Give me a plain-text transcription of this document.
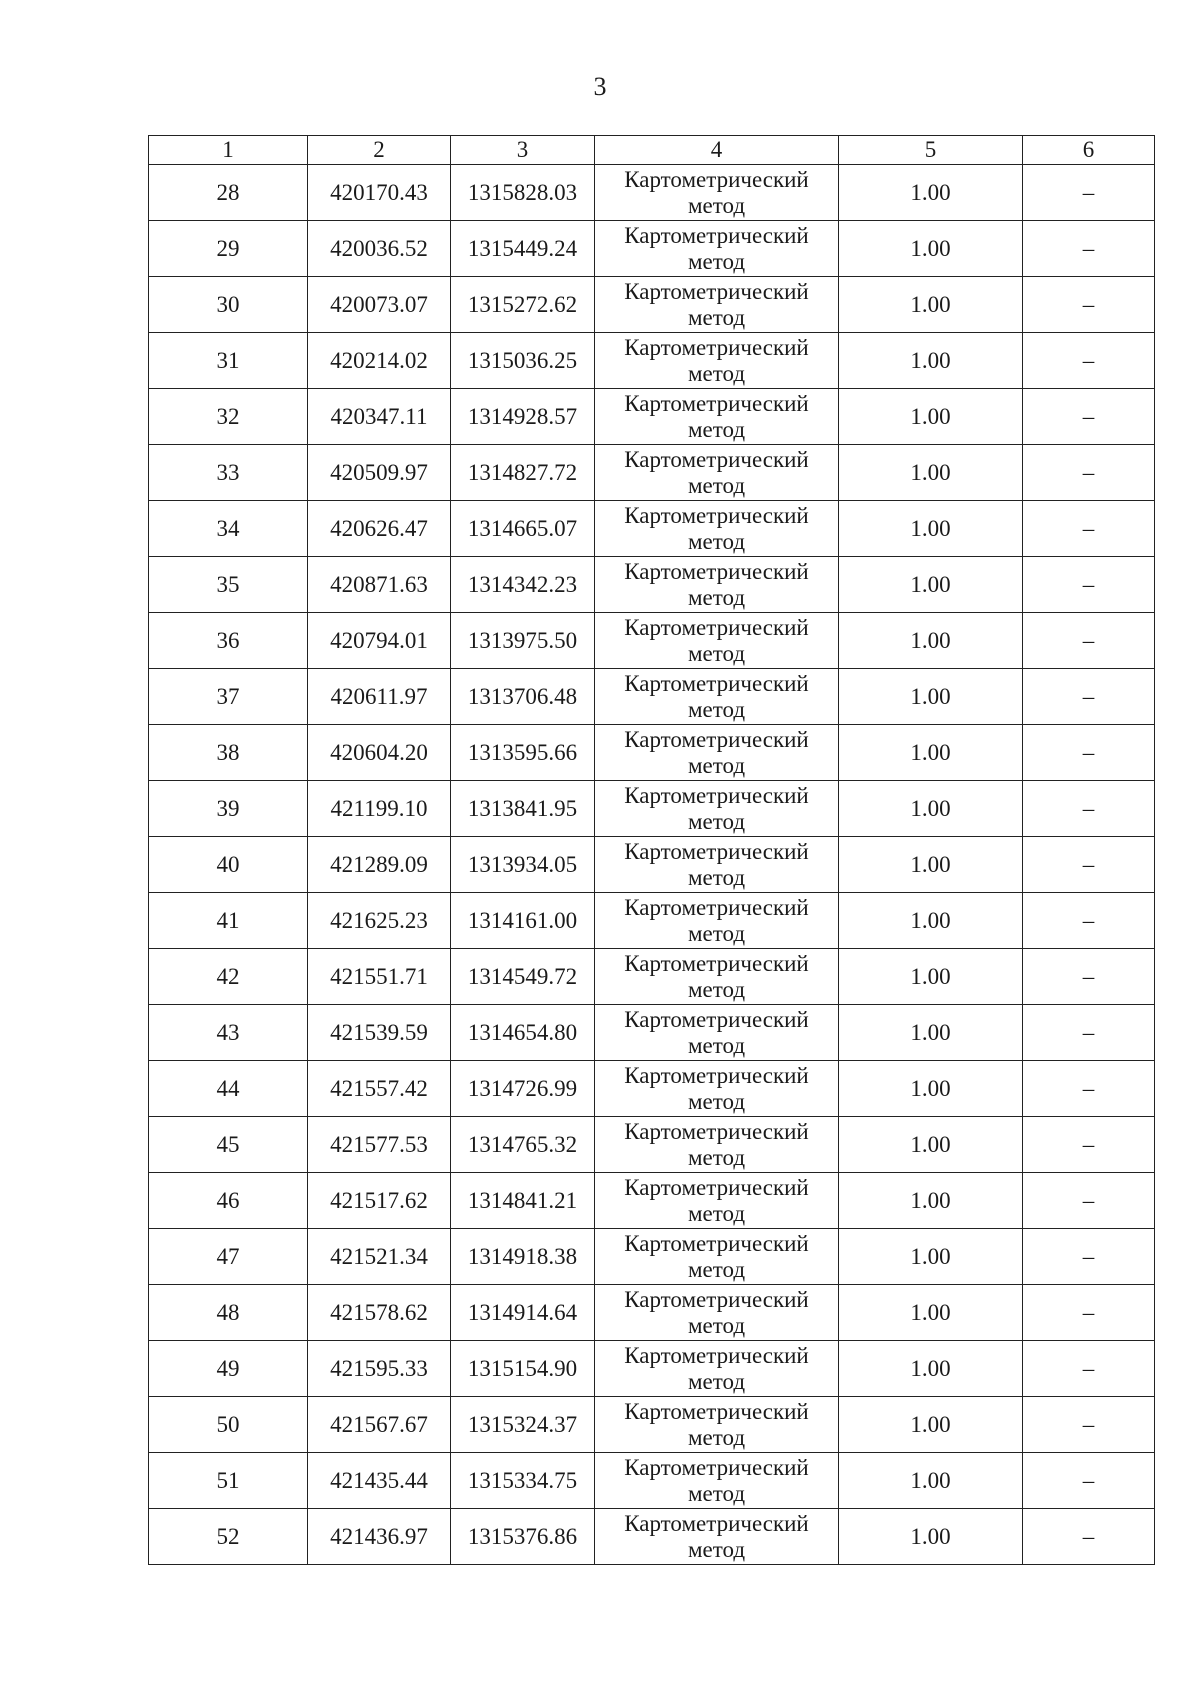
3
1	2	3	4	5	6
28	420170.43	1315828.03	Картометрический
метод	1.00	–
29	420036.52	1315449.24	Картометрический
метод	1.00	–
30	420073.07	1315272.62	Картометрический
метод	1.00	–
31	420214.02	1315036.25	Картометрический
метод	1.00	–
32	420347.11	1314928.57	Картометрический
метод	1.00	–
33	420509.97	1314827.72	Картометрический
метод	1.00	–
34	420626.47	1314665.07	Картометрический
метод	1.00	–
35	420871.63	1314342.23	Картометрический
метод	1.00	–
36	420794.01	1313975.50	Картометрический
метод	1.00	–
37	420611.97	1313706.48	Картометрический
метод	1.00	–
38	420604.20	1313595.66	Картометрический
метод	1.00	–
39	421199.10	1313841.95	Картометрический
метод	1.00	–
40	421289.09	1313934.05	Картометрический
метод	1.00	–
41	421625.23	1314161.00	Картометрический
метод	1.00	–
42	421551.71	1314549.72	Картометрический
метод	1.00	–
43	421539.59	1314654.80	Картометрический
метод	1.00	–
44	421557.42	1314726.99	Картометрический
метод	1.00	–
45	421577.53	1314765.32	Картометрический
метод	1.00	–
46	421517.62	1314841.21	Картометрический
метод	1.00	–
47	421521.34	1314918.38	Картометрический
метод	1.00	–
48	421578.62	1314914.64	Картометрический
метод	1.00	–
49	421595.33	1315154.90	Картометрический
метод	1.00	–
50	421567.67	1315324.37	Картометрический
метод	1.00	–
51	421435.44	1315334.75	Картометрический
метод	1.00	–
52	421436.97	1315376.86	Картометрический
метод	1.00	–
